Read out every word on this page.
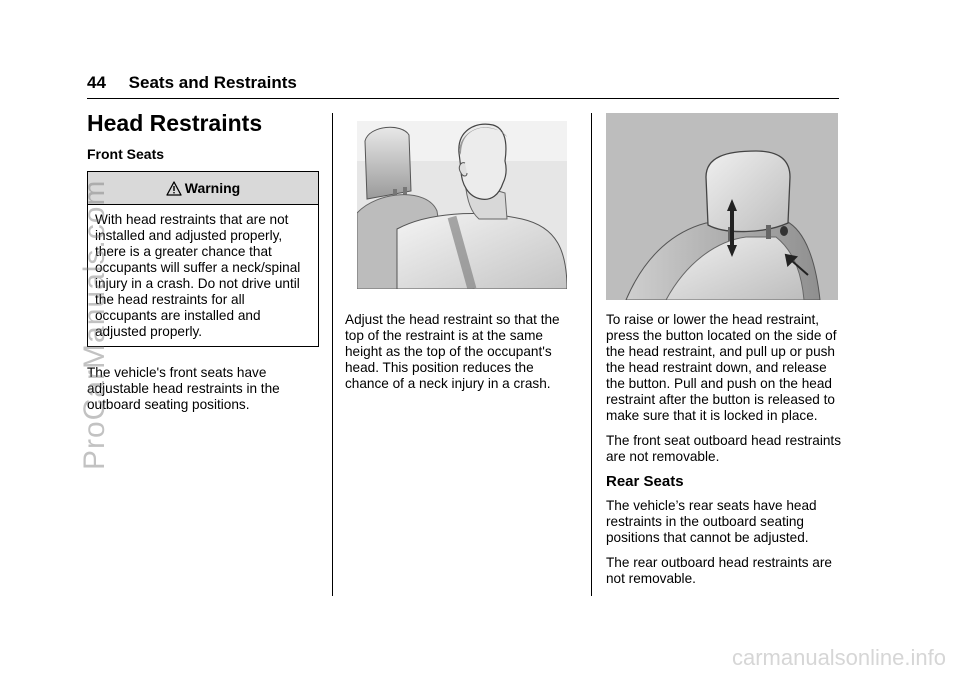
44 Seats and Restraints
Head Restraints
Front Seats
Warning
With head restraints that are not installed and adjusted properly, there is a greater chance that occupants will suffer a neck/spinal injury in a crash. Do not drive until the head restraints for all occupants are installed and adjusted properly.

The vehicle's front seats have adjustable head restraints in the outboard seating positions.

Adjust the head restraint so that the top of the restraint is at the same height as the top of the occupant's head. This position reduces the chance of a neck injury in a crash.

To raise or lower the head restraint, press the button located on the side of the head restraint, and pull up or push the head restraint down, and release the button. Pull and push on the head restraint after the button is released to make sure that it is locked in place.

The front seat outboard head restraints are not removable.

Rear Seats

The vehicle’s rear seats have head restraints in the outboard seating positions that cannot be adjusted.

The rear outboard head restraints are not removable.

ProCarManuals.com
carmanualsonline.info
